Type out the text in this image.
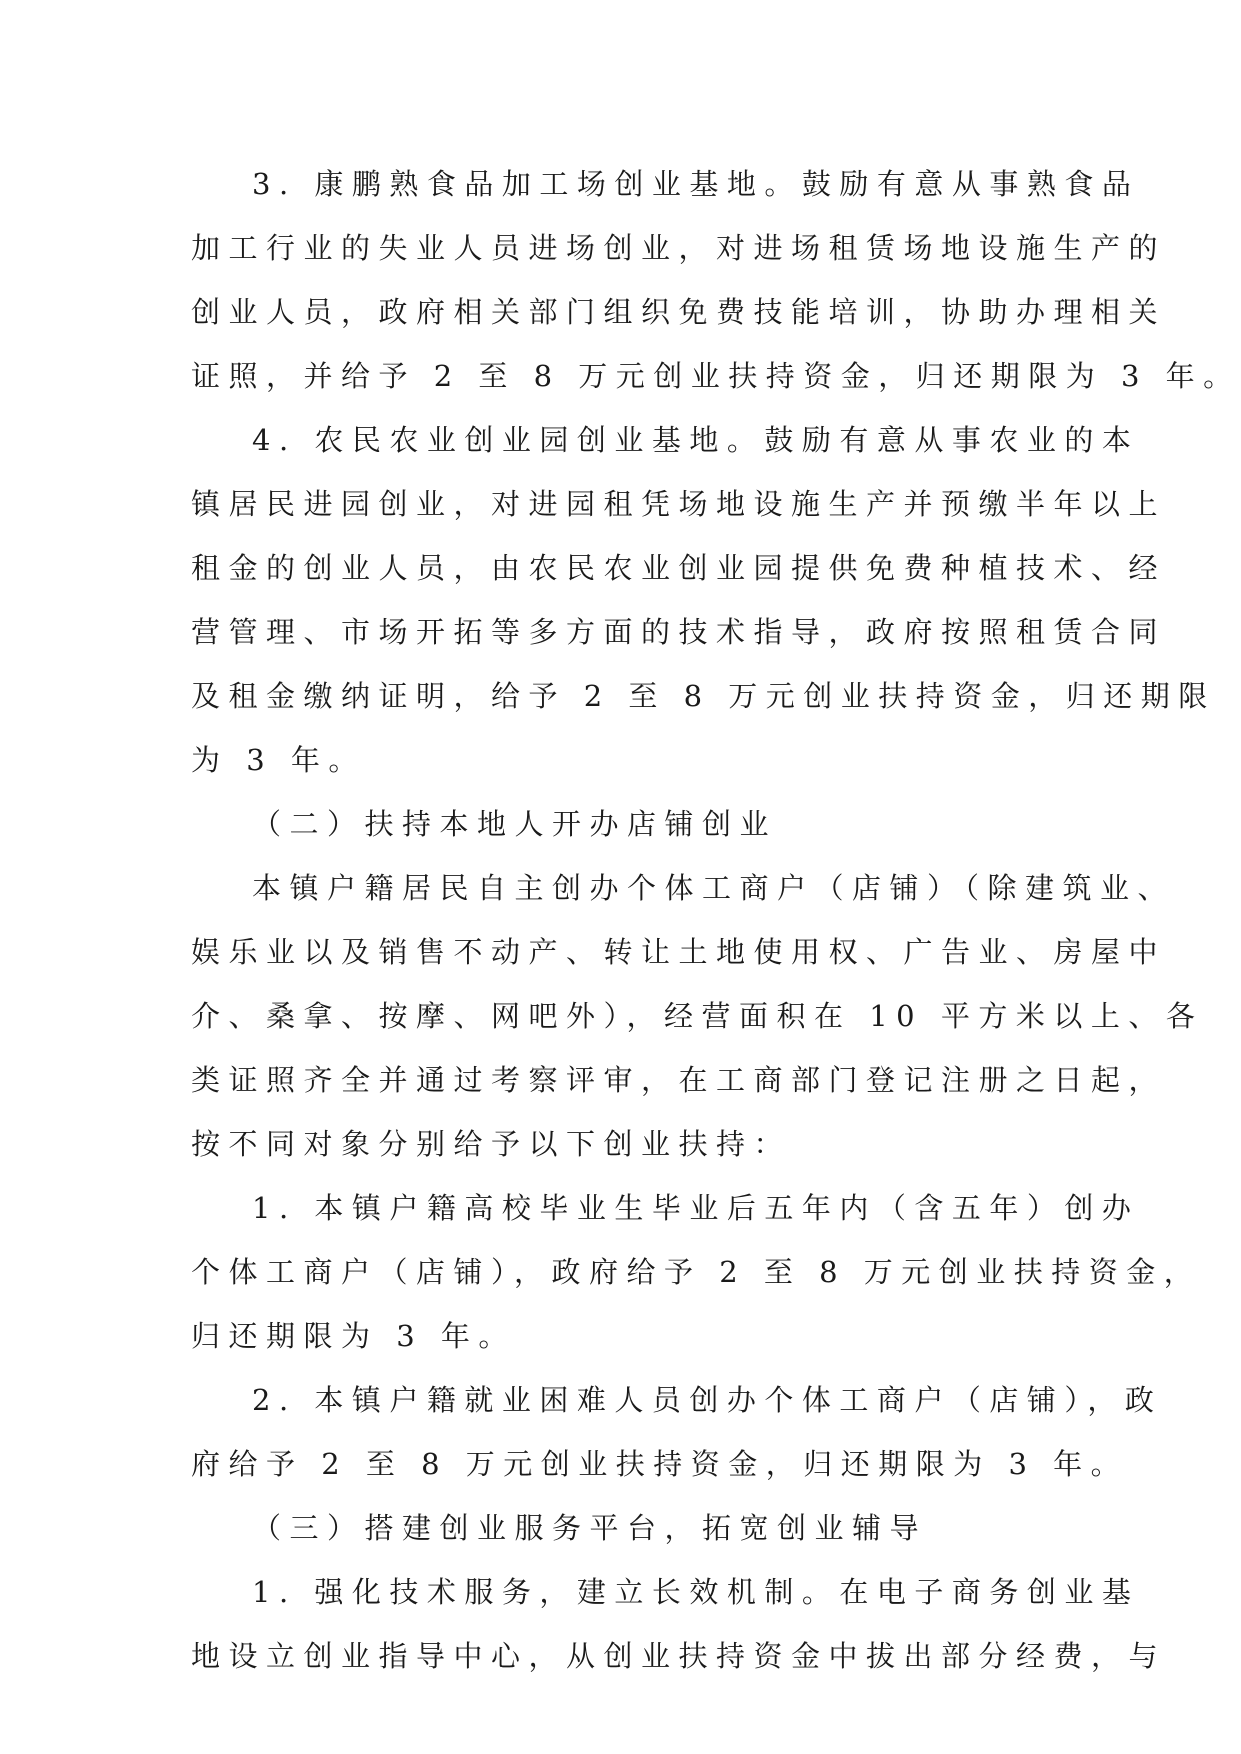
3. 康鹏熟食品加工场创业基地。鼓励有意从事熟食品
加工行业的失业人员进场创业，对进场租赁场地设施生产的
创业人员，政府相关部门组织免费技能培训，协助办理相关
证照，并给予 2 至 8 万元创业扶持资金，归还期限为 3 年。
4. 农民农业创业园创业基地。鼓励有意从事农业的本
镇居民进园创业，对进园租凭场地设施生产并预缴半年以上
租金的创业人员，由农民农业创业园提供免费种植技术、经
营管理、市场开拓等多方面的技术指导，政府按照租赁合同
及租金缴纳证明，给予 2 至 8 万元创业扶持资金，归还期限
为 3 年。
（二）扶持本地人开办店铺创业
本镇户籍居民自主创办个体工商户（店铺）（除建筑业、
娱乐业以及销售不动产、转让土地使用权、广告业、房屋中
介、桑拿、按摩、网吧外），经营面积在 10 平方米以上、各
类证照齐全并通过考察评审，在工商部门登记注册之日起，
按不同对象分别给予以下创业扶持：
1. 本镇户籍高校毕业生毕业后五年内（含五年）创办
个体工商户（店铺），政府给予 2 至 8 万元创业扶持资金，
归还期限为 3 年。
2. 本镇户籍就业困难人员创办个体工商户（店铺），政
府给予 2 至 8 万元创业扶持资金，归还期限为 3 年。
（三）搭建创业服务平台，拓宽创业辅导
1. 强化技术服务，建立长效机制。在电子商务创业基
地设立创业指导中心，从创业扶持资金中拔出部分经费，与
